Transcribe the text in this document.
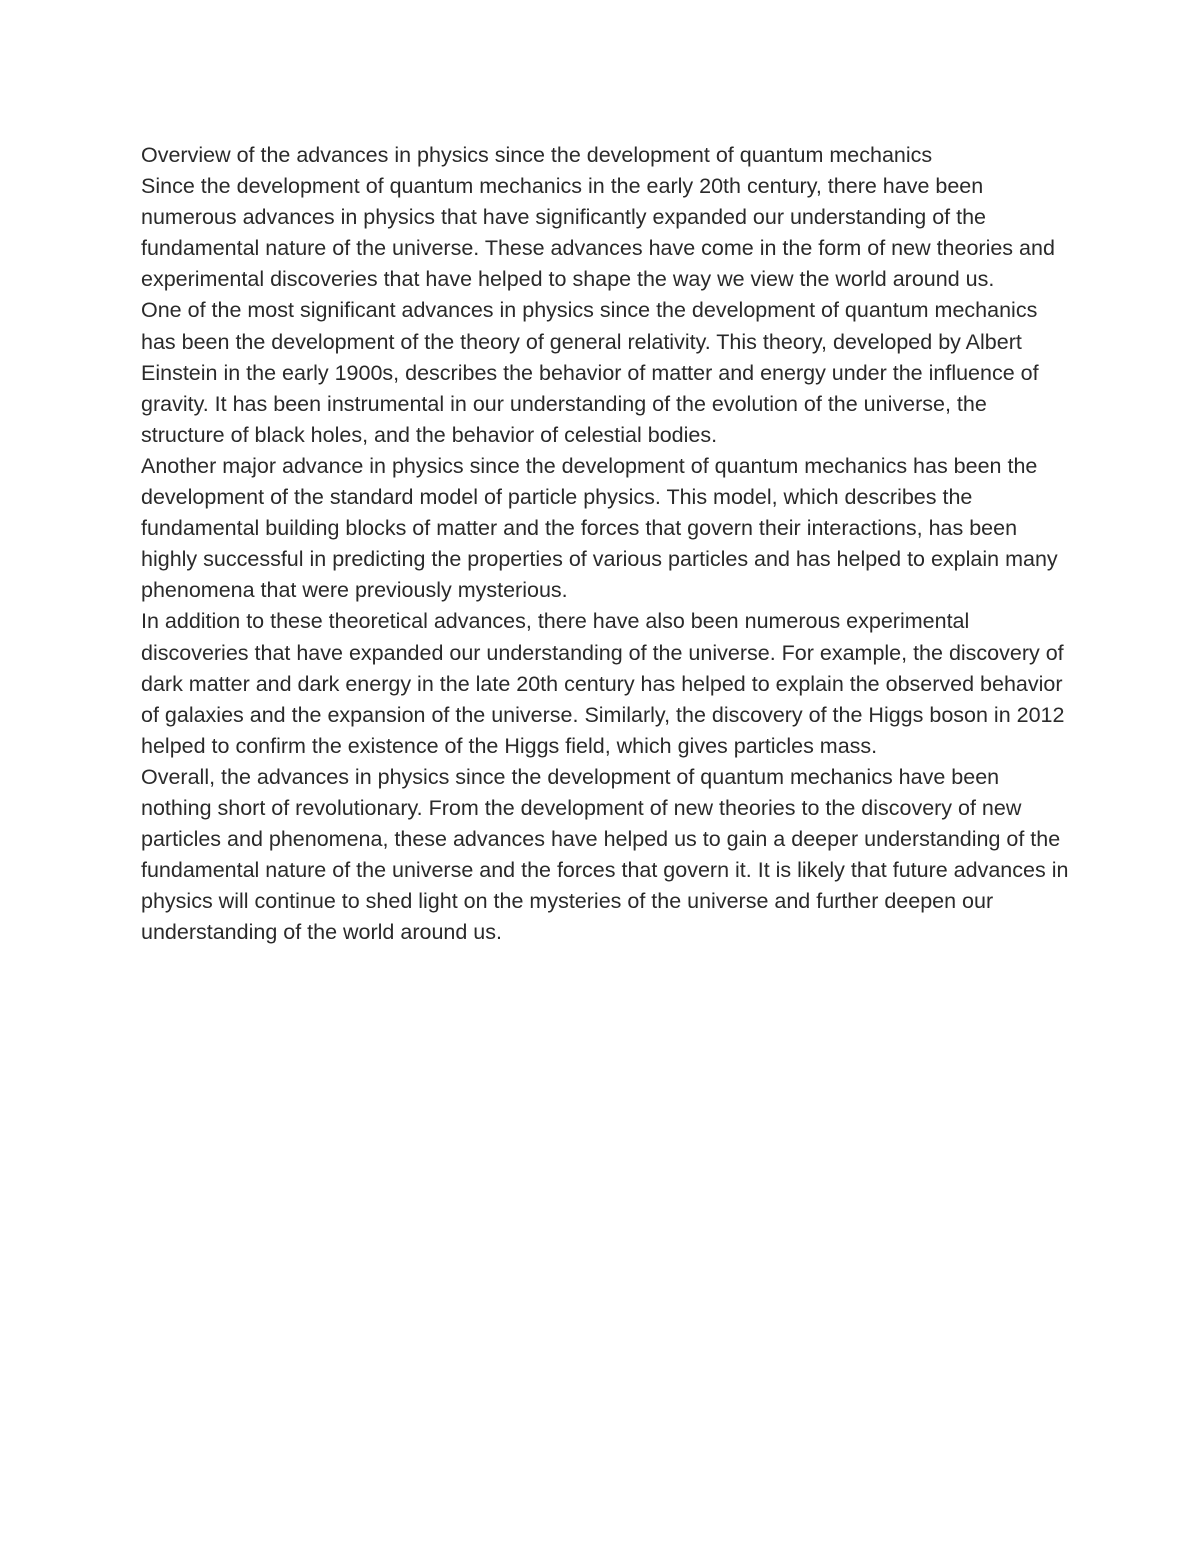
Overview of the advances in physics since the development of quantum mechanics

Since the development of quantum mechanics in the early 20th century, there have been numerous advances in physics that have significantly expanded our understanding of the fundamental nature of the universe. These advances have come in the form of new theories and experimental discoveries that have helped to shape the way we view the world around us.

One of the most significant advances in physics since the development of quantum mechanics has been the development of the theory of general relativity. This theory, developed by Albert Einstein in the early 1900s, describes the behavior of matter and energy under the influence of gravity. It has been instrumental in our understanding of the evolution of the universe, the structure of black holes, and the behavior of celestial bodies.

Another major advance in physics since the development of quantum mechanics has been the development of the standard model of particle physics. This model, which describes the fundamental building blocks of matter and the forces that govern their interactions, has been highly successful in predicting the properties of various particles and has helped to explain many phenomena that were previously mysterious.

In addition to these theoretical advances, there have also been numerous experimental discoveries that have expanded our understanding of the universe. For example, the discovery of dark matter and dark energy in the late 20th century has helped to explain the observed behavior of galaxies and the expansion of the universe. Similarly, the discovery of the Higgs boson in 2012 helped to confirm the existence of the Higgs field, which gives particles mass.

Overall, the advances in physics since the development of quantum mechanics have been nothing short of revolutionary. From the development of new theories to the discovery of new particles and phenomena, these advances have helped us to gain a deeper understanding of the fundamental nature of the universe and the forces that govern it. It is likely that future advances in physics will continue to shed light on the mysteries of the universe and further deepen our understanding of the world around us.
